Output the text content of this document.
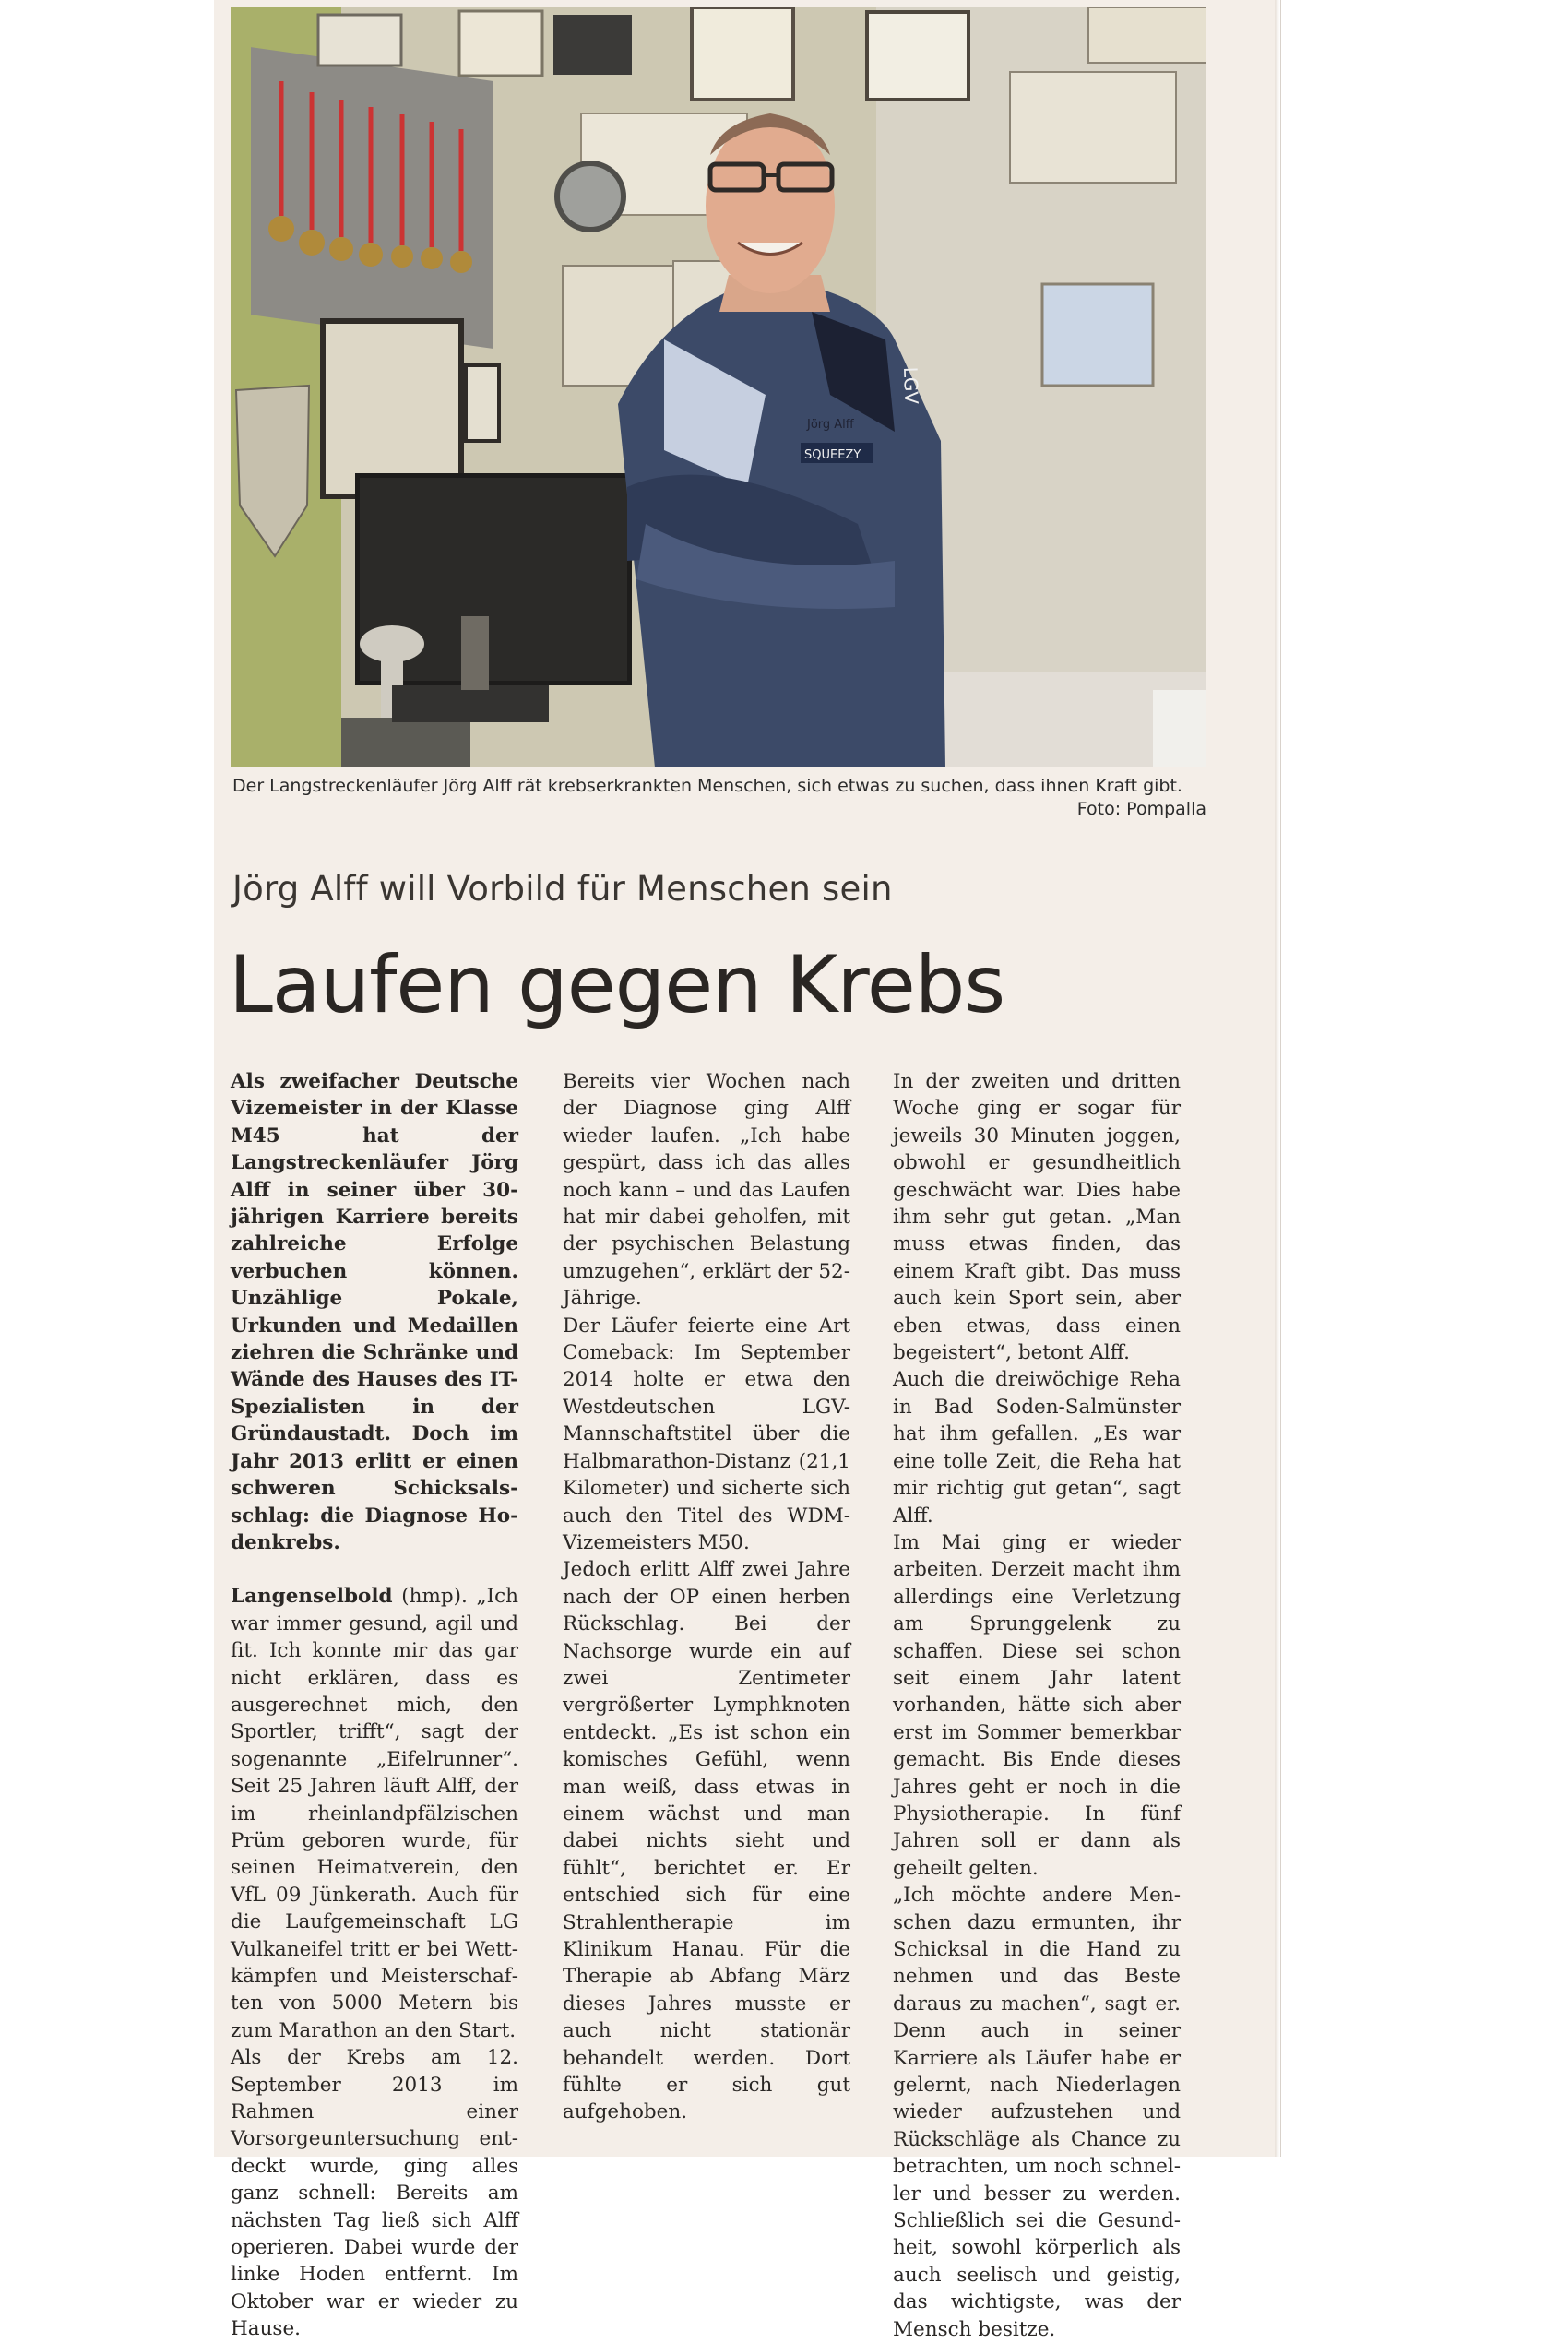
LGV
Jörg Alff
SQUEEZY
Der Langstreckenläufer Jörg Alff rät krebserkrankten Menschen, sich etwas zu suchen, dass ihnen Kraft gibt.
Foto: Pompalla
Jörg Alff will Vorbild für Menschen sein
Laufen gegen Krebs

Als zweifacher Deutsche Vizemeister in der Klasse M45 hat der Langstreckenläufer Jörg Alff in seiner über 30-jährigen Karriere bereits zahlreiche Erfolge verbuchen können. Unzählige Pokale, Urkunden und Medaillen ziehren die Schränke und Wände des Hauses des IT-Spezialisten in der Gründaustadt. Doch im Jahr 2013 erlitt er einen schweren Schicksalsschlag: die Diagnose Hodenkrebs.

Langenselbold (hmp). „Ich war immer gesund, agil und fit. Ich konnte mir das gar nicht erklären, dass es ausgerechnet mich, den Sportler, trifft“, sagt der sogenannte „Eifelrunner“. Seit 25 Jahren läuft Alff, der im rheinlandpfälzischen Prüm geboren wurde, für seinen Heimatverein, den VfL 09 Jünkerath. Auch für die Laufgemeinschaft LG Vulkaneifel tritt er bei Wettkämpfen und Meisterschaften von 5000 Metern bis zum Marathon an den Start.

Als der Krebs am 12. September 2013 im Rahmen einer Vorsorgeuntersuchung entdeckt wurde, ging alles ganz schnell: Bereits am nächsten Tag ließ sich Alff operieren. Dabei wurde der linke Hoden entfernt. Im Oktober war er wieder zu Hause.

Bereits vier Wochen nach der Diagnose ging Alff wieder laufen. „Ich habe gespürt, dass ich das alles noch kann – und das Laufen hat mir dabei geholfen, mit der psychischen Belastung umzugehen“, erklärt der 52-Jährige.

Der Läufer feierte eine Art Comeback: Im September 2014 holte er etwa den Westdeutschen LGV-Mannschaftstitel über die Halbmarathon-Distanz (21,1 Kilometer) und sicherte sich auch den Titel des WDM-Vizemeisters M50.

Jedoch erlitt Alff zwei Jahre nach der OP einen herben Rückschlag. Bei der Nachsorge wurde ein auf zwei Zentimeter vergrößerter Lymphknoten entdeckt. „Es ist schon ein komisches Gefühl, wenn man weiß, dass etwas in einem wächst und man dabei nichts sieht und fühlt“, berichtet er. Er entschied sich für eine Strahlentherapie im Klinikum Hanau. Für die Therapie ab Abfang März dieses Jahres musste er auch nicht stationär behandelt werden. Dort fühlte er sich gut aufgehoben.

In der zweiten und dritten Woche ging er sogar für jeweils 30 Minuten joggen, obwohl er gesundheitlich geschwächt war. Dies habe ihm sehr gut getan. „Man muss etwas finden, das einem Kraft gibt. Das muss auch kein Sport sein, aber eben etwas, dass einen begeistert“, betont Alff.

Auch die dreiwöchige Reha in Bad Soden-Salmünster hat ihm gefallen. „Es war eine tolle Zeit, die Reha hat mir richtig gut getan“, sagt Alff.

Im Mai ging er wieder arbeiten. Derzeit macht ihm allerdings eine Verletzung am Sprunggelenk zu schaffen. Diese sei schon seit einem Jahr latent vorhanden, hätte sich aber erst im Sommer bemerkbar gemacht. Bis Ende dieses Jahres geht er noch in die Physiotherapie. In fünf Jahren soll er dann als geheilt gelten.

„Ich möchte andere Menschen dazu ermunten, ihr Schicksal in die Hand zu nehmen und das Beste daraus zu machen“, sagt er. Denn auch in seiner Karriere als Läufer habe er gelernt, nach Niederlagen wieder aufzustehen und Rückschläge als Chance zu betrachten, um noch schneller und besser zu werden. Schließlich sei die Gesundheit, sowohl körperlich als auch seelisch und geistig, das wichtigste, was der Mensch besitze.
